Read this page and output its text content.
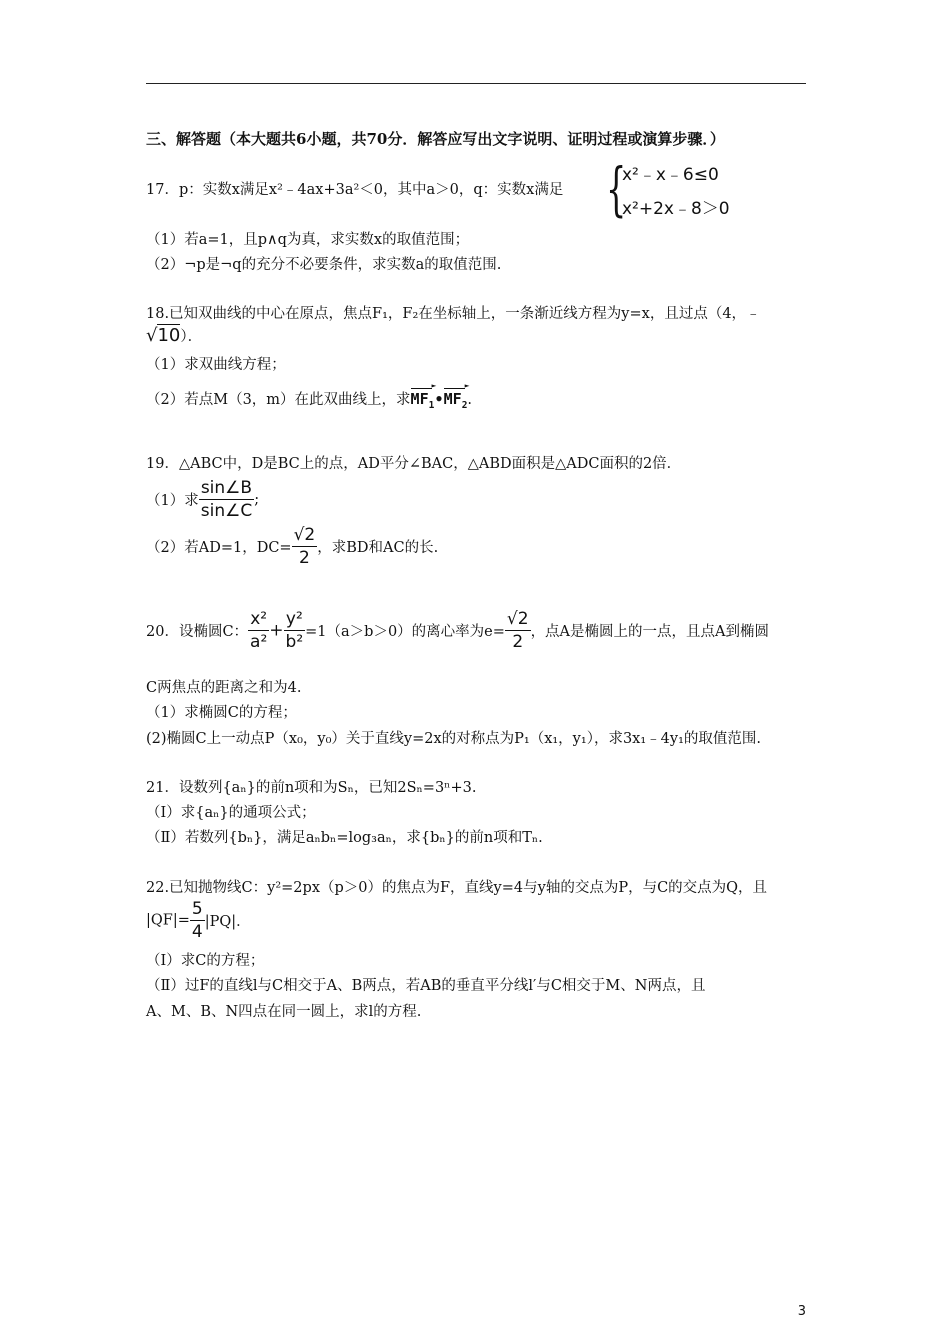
三、解答题（本大题共6小题，共70分．解答应写出文字说明、证明过程或演算步骤．）
17．p：实数x满足x²﹣4ax+3a²＜0，其中a＞0，q：实数x满足 {
x²﹣x﹣6≤0
x²+2x﹣8＞0
（1）若a=1，且p∧q为真，求实数x的取值范围；
（2）¬p是¬q的充分不必要条件，求实数a的取值范围.
18.已知双曲线的中心在原点，焦点F₁，F₂在坐标轴上，一条渐近线方程为y=x，且过点（4，﹣
√10）．
（1）求双曲线方程；
（2）若点M（3，m）在此双曲线上，求$MF_1$ $►•MF_2$ ►.
19．△ABC中，D是BC上的点，AD平分∠BAC，△ABD面积是△ADC面积的2倍．
（1）求 $\frac{\sin\angle B}{\sin\angle C}$ ;
（2）若AD=1，$DC= \frac{√2}{2}$ ，求BD和AC的长.
20．设椭圆C： $\frac{\text{x²}}{\text{a²}} + \frac{\text{y²}}{\text{b²}} =1(a>b>0)$的离心率为$e= \frac{√2}{2}$ ，点A是椭圆上的一点，且点A到椭圆
C两焦点的距离之和为4.
（1）求椭圆C的方程；
(2)椭圆C上一动点P（x₀，y₀）关于直线y=2x的对称点为P₁（x₁，y₁），求3x₁﹣4y₁的取值范围.
21．设数列{aₙ}的前n项和为Sₙ，已知2Sₙ=3ⁿ+3.
（Ⅰ）求{aₙ}的通项公式；
（Ⅱ）若数列{bₙ}，满足aₙbₙ=log₃aₙ，求{bₙ}的前n项和Tₙ.
22.已知抛物线C：y²=2px（p＞0）的焦点为F，直线y=4与y轴的交点为P，与C的交点为Q，且
$|QF|= \frac{5}{4} |PQ|$．
（Ⅰ）求C的方程；
（Ⅱ）过F的直线l与C相交于A、B两点，若AB的垂直平分线l′与C相交于M、N两点，且
A、M、B、N四点在同一圆上，求l的方程.
3
